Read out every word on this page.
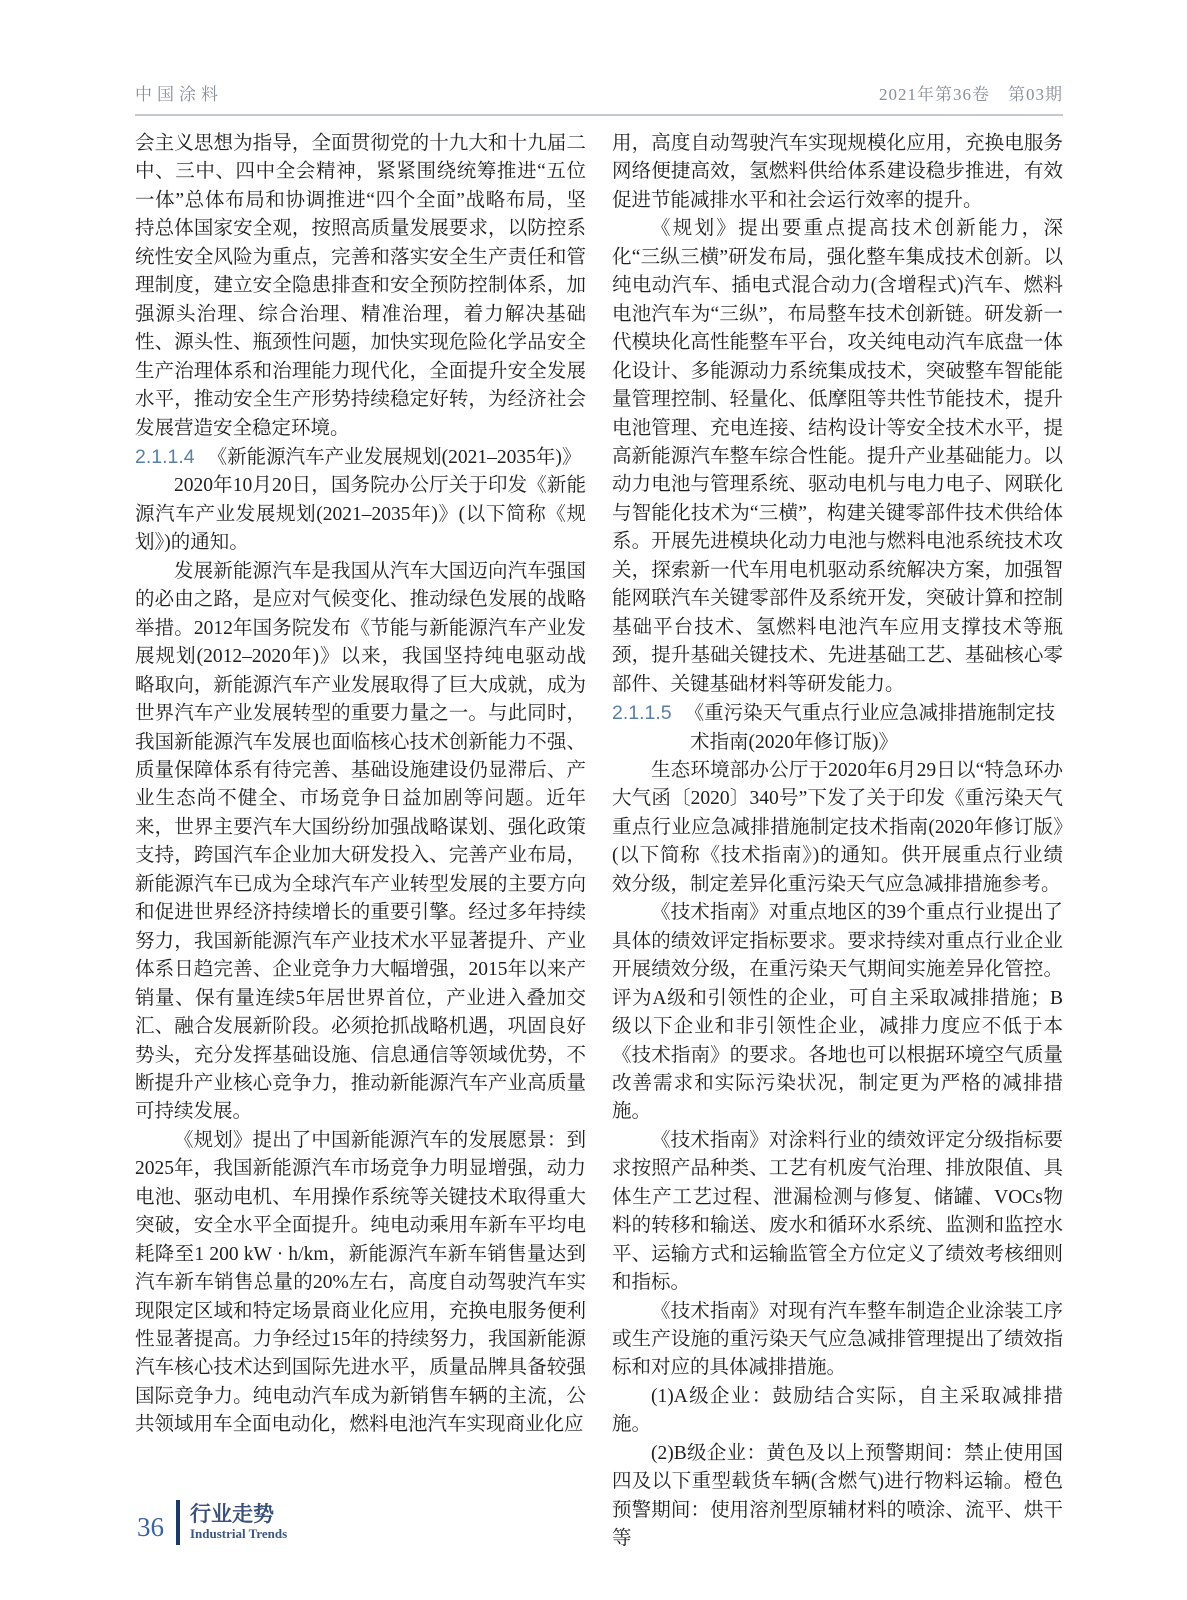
中国涂料	2021年第36卷　第03期

会主义思想为指导，全面贯彻党的十九大和十九届二中、三中、四中全会精神，紧紧围绕统筹推进“五位一体”总体布局和协调推进“四个全面”战略布局，坚持总体国家安全观，按照高质量发展要求，以防控系统性安全风险为重点，完善和落实安全生产责任和管理制度，建立安全隐患排查和安全预防控制体系，加强源头治理、综合治理、精准治理，着力解决基础性、源头性、瓶颈性问题，加快实现危险化学品安全生产治理体系和治理能力现代化，全面提升安全发展水平，推动安全生产形势持续稳定好转，为经济社会发展营造安全稳定环境。

2.1.1.4 《新能源汽车产业发展规划(2021–2035年)》

2020年10月20日，国务院办公厅关于印发《新能源汽车产业发展规划(2021–2035年)》(以下简称《规划》)的通知。

发展新能源汽车是我国从汽车大国迈向汽车强国的必由之路，是应对气候变化、推动绿色发展的战略举措。2012年国务院发布《节能与新能源汽车产业发展规划(2012–2020年)》以来，我国坚持纯电驱动战略取向，新能源汽车产业发展取得了巨大成就，成为世界汽车产业发展转型的重要力量之一。与此同时，我国新能源汽车发展也面临核心技术创新能力不强、质量保障体系有待完善、基础设施建设仍显滞后、产业生态尚不健全、市场竞争日益加剧等问题。近年来，世界主要汽车大国纷纷加强战略谋划、强化政策支持，跨国汽车企业加大研发投入、完善产业布局，新能源汽车已成为全球汽车产业转型发展的主要方向和促进世界经济持续增长的重要引擎。经过多年持续努力，我国新能源汽车产业技术水平显著提升、产业体系日趋完善、企业竞争力大幅增强，2015年以来产销量、保有量连续5年居世界首位，产业进入叠加交汇、融合发展新阶段。必须抢抓战略机遇，巩固良好势头，充分发挥基础设施、信息通信等领域优势，不断提升产业核心竞争力，推动新能源汽车产业高质量可持续发展。

《规划》提出了中国新能源汽车的发展愿景：到2025年，我国新能源汽车市场竞争力明显增强，动力电池、驱动电机、车用操作系统等关键技术取得重大突破，安全水平全面提升。纯电动乘用车新车平均电耗降至1 200 kW · h/km，新能源汽车新车销售量达到汽车新车销售总量的20%左右，高度自动驾驶汽车实现限定区域和特定场景商业化应用，充换电服务便利性显著提高。力争经过15年的持续努力，我国新能源汽车核心技术达到国际先进水平，质量品牌具备较强国际竞争力。纯电动汽车成为新销售车辆的主流，公共领域用车全面电动化，燃料电池汽车实现商业化应

用，高度自动驾驶汽车实现规模化应用，充换电服务网络便捷高效，氢燃料供给体系建设稳步推进，有效促进节能减排水平和社会运行效率的提升。

《规划》提出要重点提高技术创新能力，深化“三纵三横”研发布局，强化整车集成技术创新。以纯电动汽车、插电式混合动力(含增程式)汽车、燃料电池汽车为“三纵”，布局整车技术创新链。研发新一代模块化高性能整车平台，攻关纯电动汽车底盘一体化设计、多能源动力系统集成技术，突破整车智能能量管理控制、轻量化、低摩阻等共性节能技术，提升电池管理、充电连接、结构设计等安全技术水平，提高新能源汽车整车综合性能。提升产业基础能力。以动力电池与管理系统、驱动电机与电力电子、网联化与智能化技术为“三横”，构建关键零部件技术供给体系。开展先进模块化动力电池与燃料电池系统技术攻关，探索新一代车用电机驱动系统解决方案，加强智能网联汽车关键零部件及系统开发，突破计算和控制基础平台技术、氢燃料电池汽车应用支撑技术等瓶颈，提升基础关键技术、先进基础工艺、基础核心零部件、关键基础材料等研发能力。

2.1.1.5 《重污染天气重点行业应急减排措施制定技术指南(2020年修订版)》

生态环境部办公厅于2020年6月29日以“特急环办大气函〔2020〕340号”下发了关于印发《重污染天气重点行业应急减排措施制定技术指南(2020年修订版》(以下简称《技术指南》)的通知。供开展重点行业绩效分级，制定差异化重污染天气应急减排措施参考。

《技术指南》对重点地区的39个重点行业提出了具体的绩效评定指标要求。要求持续对重点行业企业开展绩效分级，在重污染天气期间实施差异化管控。评为A级和引领性的企业，可自主采取减排措施；B级以下企业和非引领性企业，减排力度应不低于本《技术指南》的要求。各地也可以根据环境空气质量改善需求和实际污染状况，制定更为严格的减排措施。

《技术指南》对涂料行业的绩效评定分级指标要求按照产品种类、工艺有机废气治理、排放限值、具体生产工艺过程、泄漏检测与修复、储罐、VOCs物料的转移和输送、废水和循环水系统、监测和监控水平、运输方式和运输监管全方位定义了绩效考核细则和指标。

《技术指南》对现有汽车整车制造企业涂装工序或生产设施的重污染天气应急减排管理提出了绩效指标和对应的具体减排措施。

(1)A级企业：鼓励结合实际，自主采取减排措施。

(2)B级企业：黄色及以上预警期间：禁止使用国四及以下重型载货车辆(含燃气)进行物料运输。橙色预警期间：使用溶剂型原辅材料的喷涂、流平、烘干等

36 行业走势
Industrial Trends
